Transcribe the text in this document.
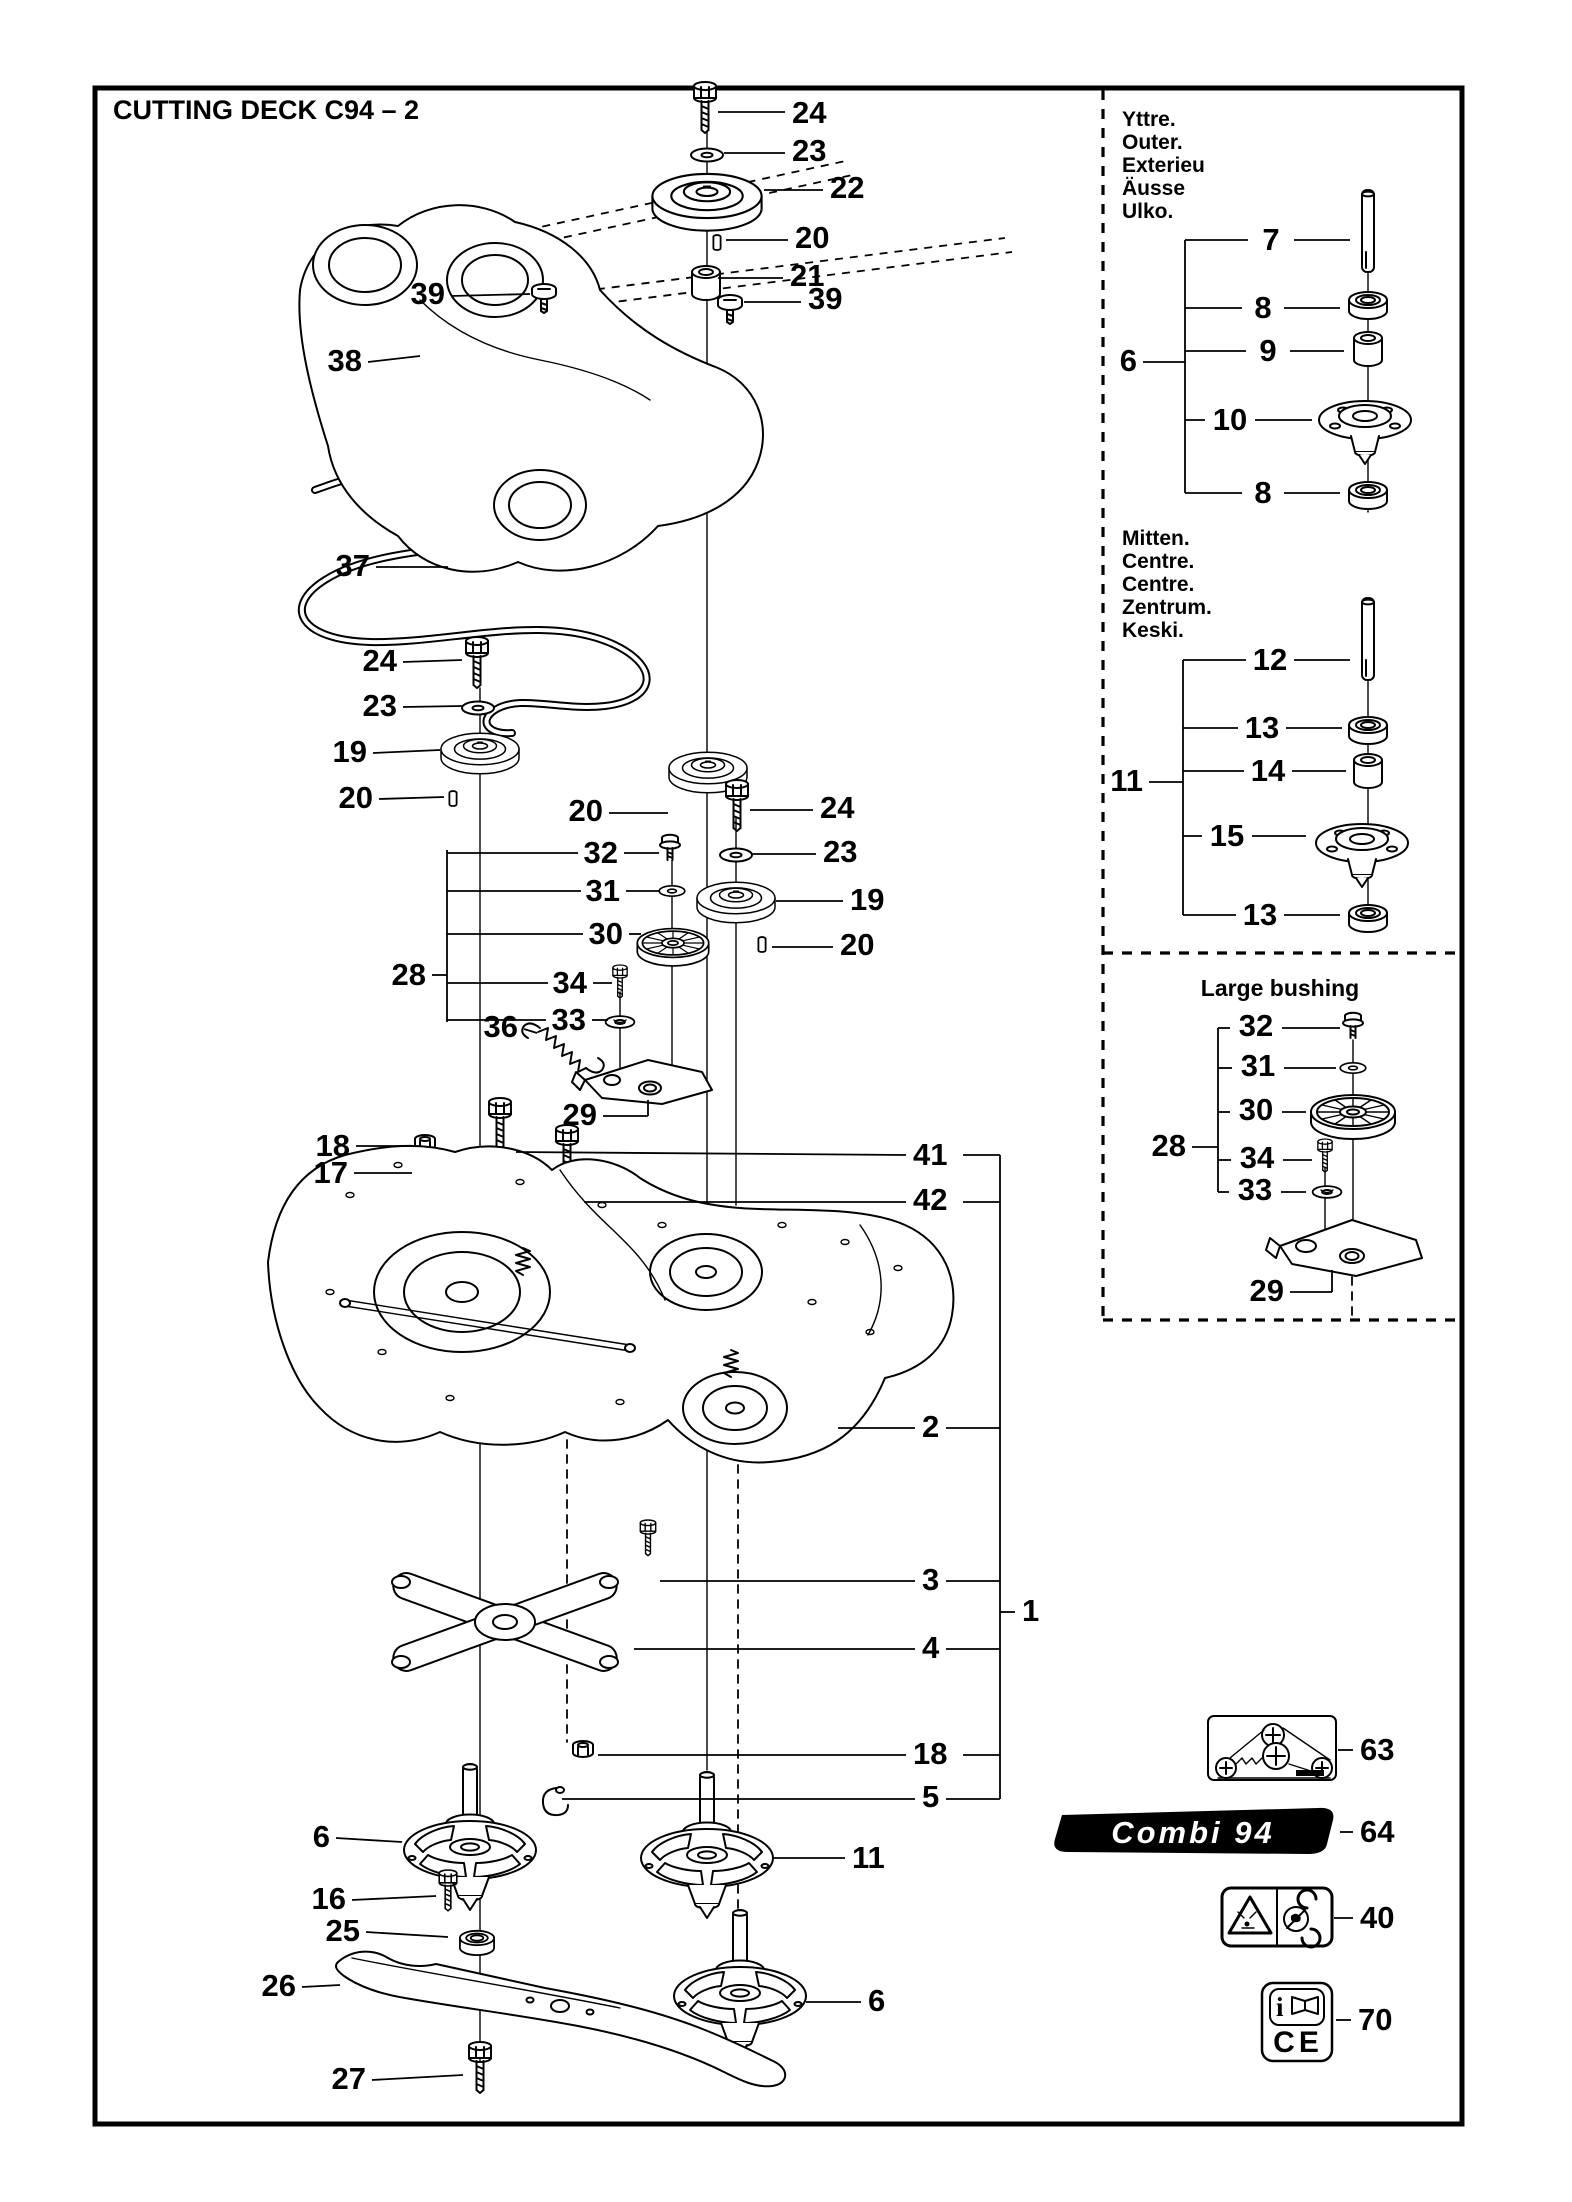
CUTTING DECK C94 – 2	Yttre.
Outer.
Exterieu
Äusse
Ulko.
Mitten.
Centre.
Centre.
Zentrum.
Keski.
Large bushing
Combi 94
i
CE
24
23
22
20
21
39
39
38
37
24
23
19
20
28
18
17
20
32
31
30
34
33
36
29
24
23
19
20
41
42
2
3
1
4
18
5
6
16
25
26
27
11
6
7
8
9
10
8
6
12
13
14
15
13
11
32
31
30
34
33
28
29
63
64
40
70
